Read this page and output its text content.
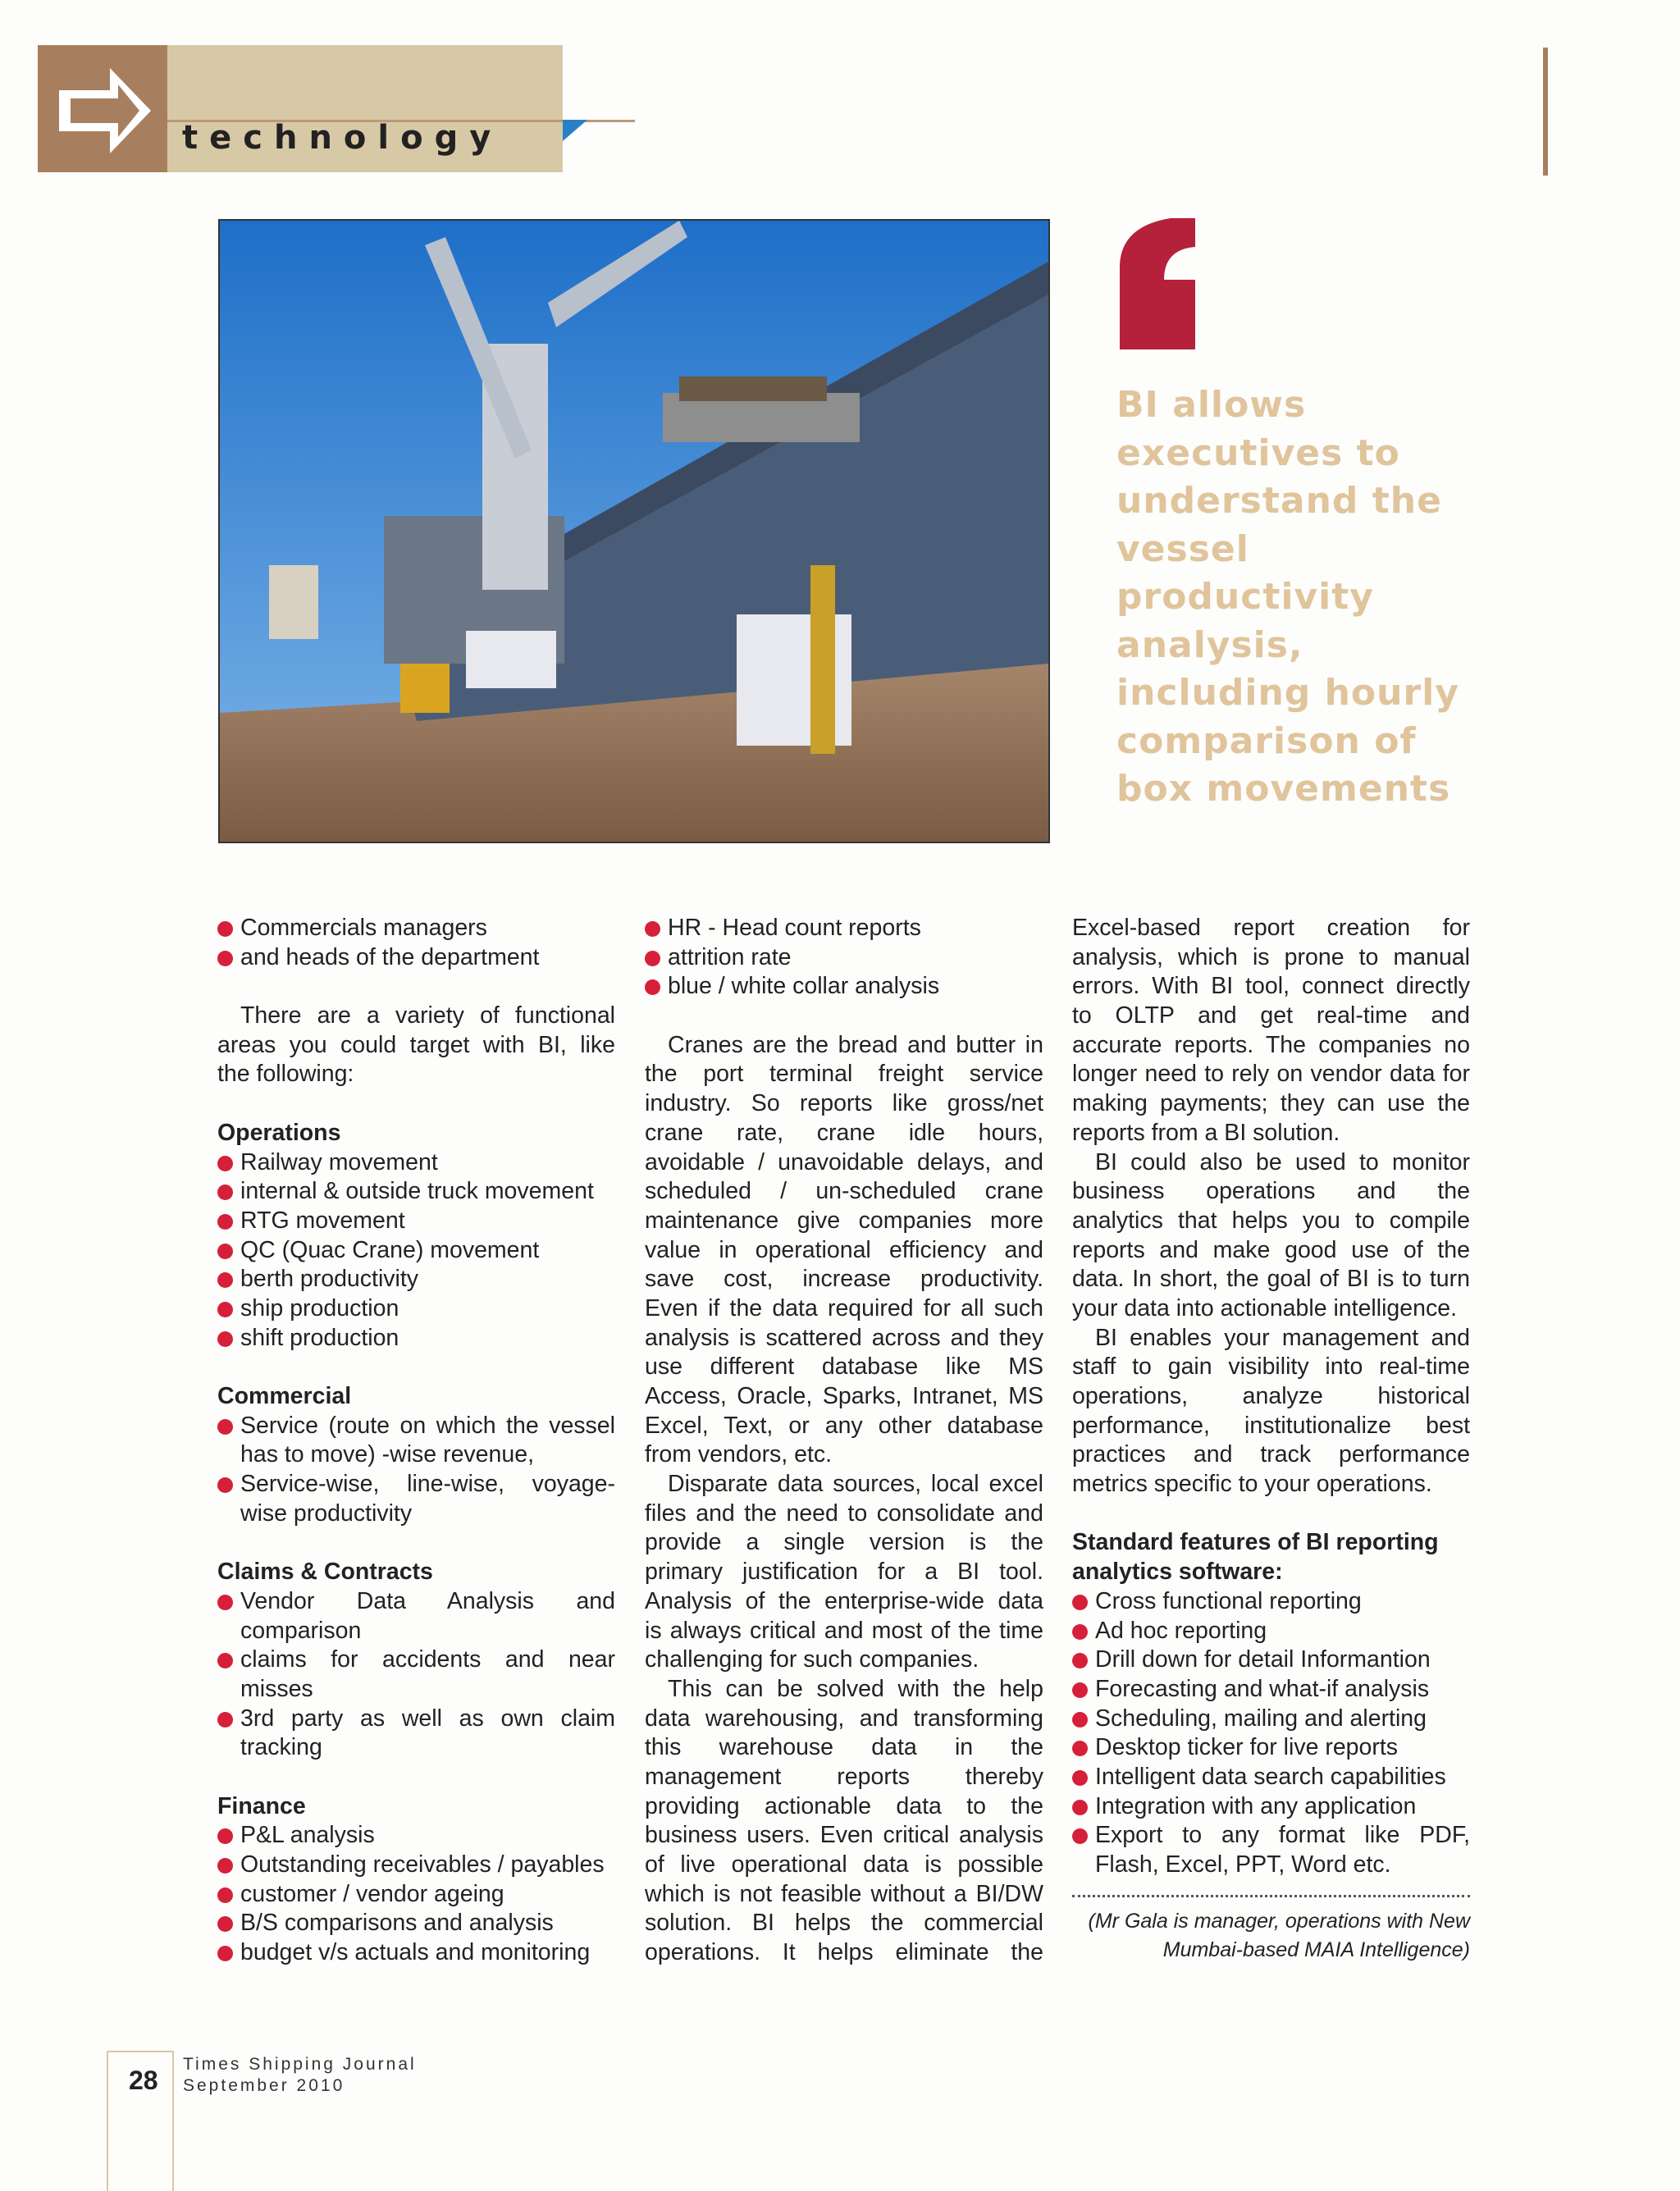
technology
BI allows
executives to
understand the
vessel
productivity
analysis,
including hourly
comparison of
box movements
Commercials managers
and heads of the department
There are a variety of functional
areas you could target with BI, like
the following:
Operations
Railway movement
internal & outside truck movement
RTG movement
QC (Quac Crane) movement
berth productivity
ship production
shift production
Commercial
Service (route on which the vessel
has to move) -wise revenue,
Service-wise, line-wise, voyage-
wise productivity
Claims & Contracts
Vendor Data Analysis and
comparison
claims for accidents and near
misses
3rd party as well as own claim
tracking
Finance
P&L analysis
Outstanding receivables / payables
customer / vendor ageing
B/S comparisons and analysis
budget v/s actuals and monitoring
HR - Head count reports
attrition rate
blue / white collar analysis
Cranes are the bread and butter in
the port terminal freight service
industry. So reports like gross/net
crane rate, crane idle hours,
avoidable / unavoidable delays, and
scheduled / un-scheduled crane
maintenance give companies more
value in operational efficiency and
save cost, increase productivity.
Even if the data required for all such
analysis is scattered across and they
use different database like MS
Access, Oracle, Sparks, Intranet, MS
Excel, Text, or any other database
from vendors, etc.
Disparate data sources, local excel
files and the need to consolidate and
provide a single version is the
primary justification for a BI tool.
Analysis of the enterprise-wide data
is always critical and most of the time
challenging for such companies.
This can be solved with the help
data warehousing, and transforming
this warehouse data in the
management reports thereby
providing actionable data to the
business users. Even critical analysis
of live operational data is possible
which is not feasible without a BI/DW
solution. BI helps the commercial
operations. It helps eliminate the
Excel-based report creation for
analysis, which is prone to manual
errors. With BI tool, connect directly
to OLTP and get real-time and
accurate reports. The companies no
longer need to rely on vendor data for
making payments; they can use the
reports from a BI solution.
BI could also be used to monitor
business operations and the
analytics that helps you to compile
reports and make good use of the
data. In short, the goal of BI is to turn
your data into actionable intelligence.
BI enables your management and
staff to gain visibility into real-time
operations, analyze historical
performance, institutionalize best
practices and track performance
metrics specific to your operations.
Standard features of BI reporting
analytics software:
Cross functional reporting
Ad hoc reporting
Drill down for detail Informantion
Forecasting and what-if analysis
Scheduling, mailing and alerting
Desktop ticker for live reports
Intelligent data search capabilities
Integration with any application
Export to any format like PDF,
Flash, Excel, PPT, Word etc.
(Mr Gala is manager, operations with New
Mumbai-based MAIA Intelligence)
28
Times Shipping Journal
September 2010
